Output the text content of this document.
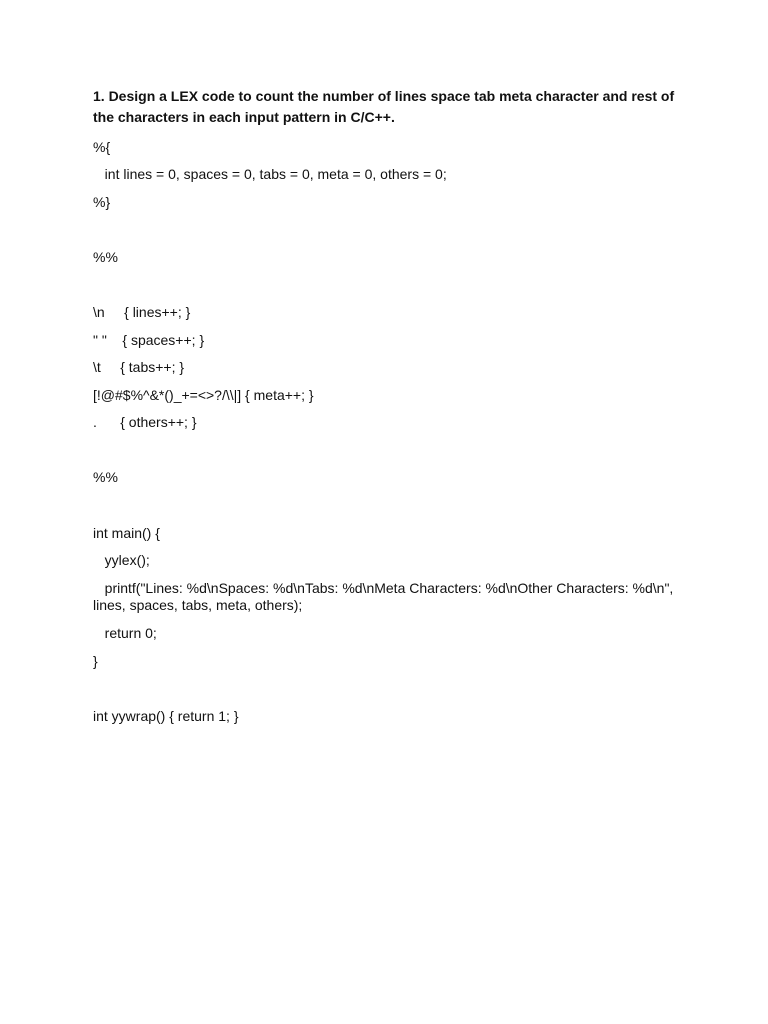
1. Design a LEX code to count the number of lines space tab meta character and rest of the characters in each input pattern in C/C++.
%{
int lines = 0, spaces = 0, tabs = 0, meta = 0, others = 0;
%}
%%
\n     { lines++; }
" "    { spaces++; }
\t     { tabs++; }
[!@#$%^&*()_+=<>?/\\|] { meta++; }
.      { others++; }
%%
int main() {
yylex();
printf("Lines: %d\nSpaces: %d\nTabs: %d\nMeta Characters: %d\nOther Characters: %d\n", lines, spaces, tabs, meta, others);
return 0;
}
int yywrap() { return 1; }
